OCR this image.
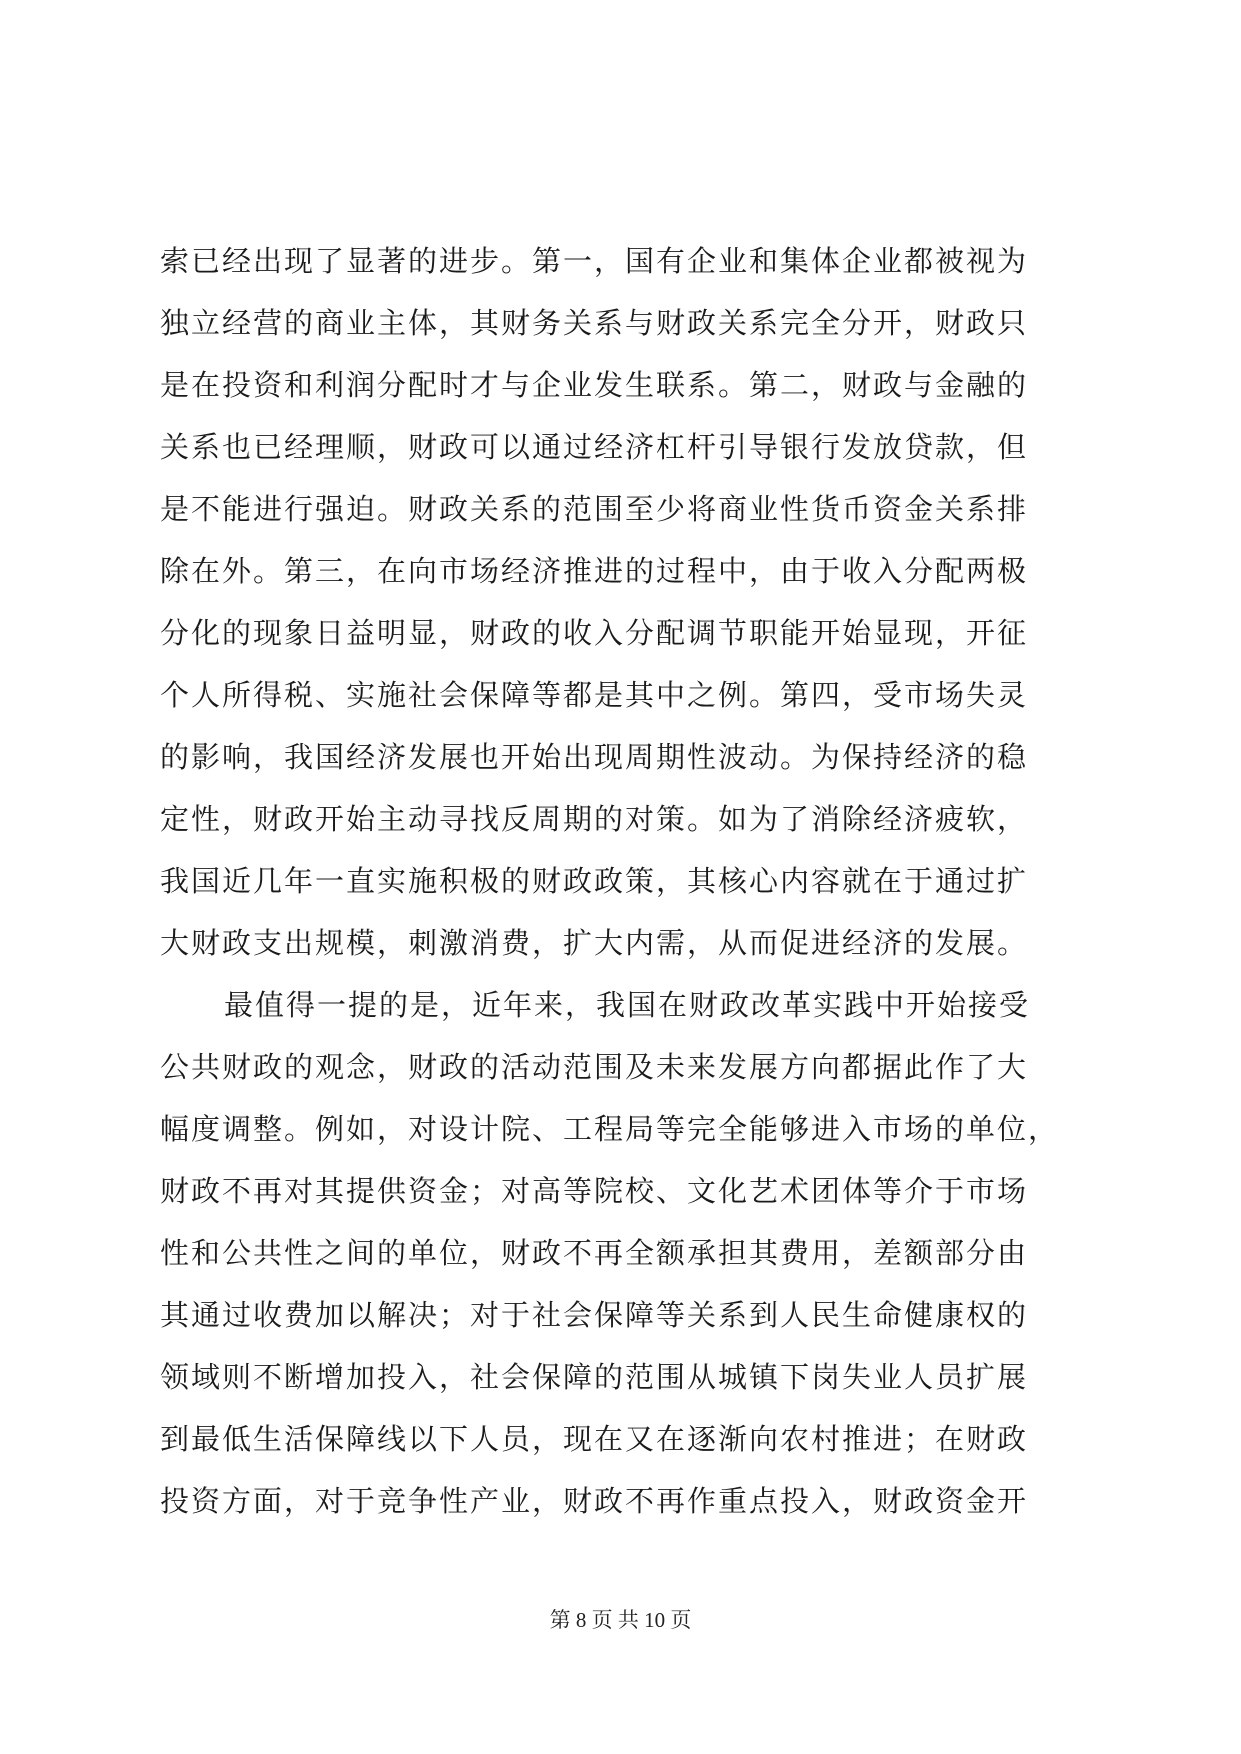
索已经出现了显著的进步。第一，国有企业和集体企业都被视为
独立经营的商业主体，其财务关系与财政关系完全分开，财政只
是在投资和利润分配时才与企业发生联系。第二，财政与金融的
关系也已经理顺，财政可以通过经济杠杆引导银行发放贷款，但
是不能进行强迫。财政关系的范围至少将商业性货币资金关系排
除在外。第三，在向市场经济推进的过程中，由于收入分配两极
分化的现象日益明显，财政的收入分配调节职能开始显现，开征
个人所得税、实施社会保障等都是其中之例。第四，受市场失灵
的影响，我国经济发展也开始出现周期性波动。为保持经济的稳
定性，财政开始主动寻找反周期的对策。如为了消除经济疲软，
我国近几年一直实施积极的财政政策，其核心内容就在于通过扩
大财政支出规模，刺激消费，扩大内需，从而促进经济的发展。
最值得一提的是，近年来，我国在财政改革实践中开始接受
公共财政的观念，财政的活动范围及未来发展方向都据此作了大
幅度调整。例如，对设计院、工程局等完全能够进入市场的单位，
财政不再对其提供资金；对高等院校、文化艺术团体等介于市场
性和公共性之间的单位，财政不再全额承担其费用，差额部分由
其通过收费加以解决；对于社会保障等关系到人民生命健康权的
领域则不断增加投入，社会保障的范围从城镇下岗失业人员扩展
到最低生活保障线以下人员，现在又在逐渐向农村推进；在财政
投资方面，对于竞争性产业，财政不再作重点投入，财政资金开
第 8 页 共 10 页
